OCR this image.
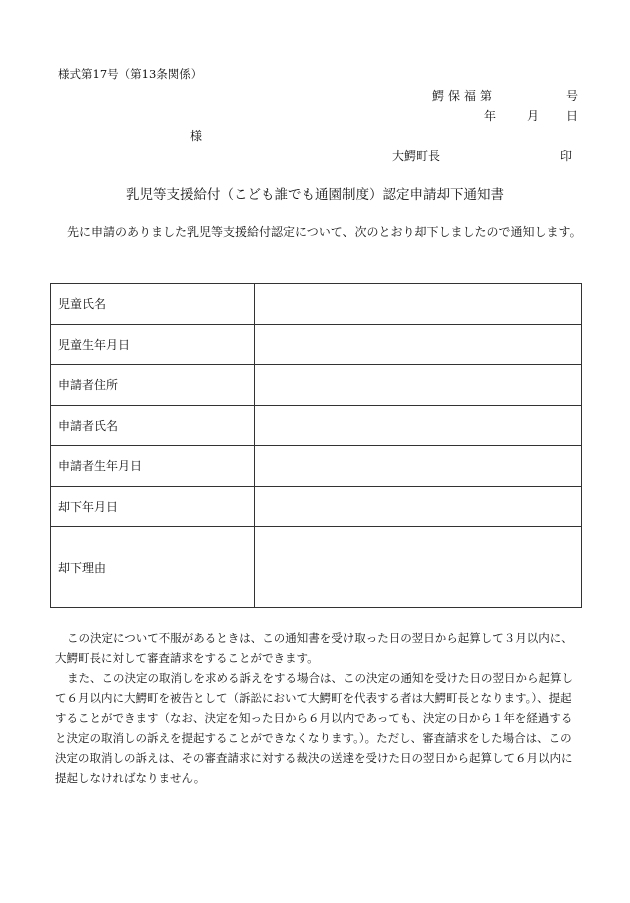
様式第17号（第13条関係）
鰐保福第	号
年	月 日
様
大鰐町長	印
乳児等支援給付（こども誰でも通園制度）認定申請却下通知書
先に申請のありました乳児等支援給付認定について、次のとおり却下しましたので通知します。
児童氏名	
児童生年月日	
申請者住所	
申請者氏名	
申請者生年月日	
却下年月日	
却下理由	

この決定について不服があるときは、この通知書を受け取った日の翌日から起算して３月以内に、大鰐町長に対して審査請求をすることができます。

また、この決定の取消しを求める訴えをする場合は、この決定の通知を受けた日の翌日から起算して６月以内に大鰐町を被告として（訴訟において大鰐町を代表する者は大鰐町長となります。）、提起することができます（なお、決定を知った日から６月以内であっても、決定の日から１年を経過すると決定の取消しの訴えを提起することができなくなります。）。ただし、審査請求をした場合は、この決定の取消しの訴えは、その審査請求に対する裁決の送達を受けた日の翌日から起算して６月以内に提起しなければなりません。
